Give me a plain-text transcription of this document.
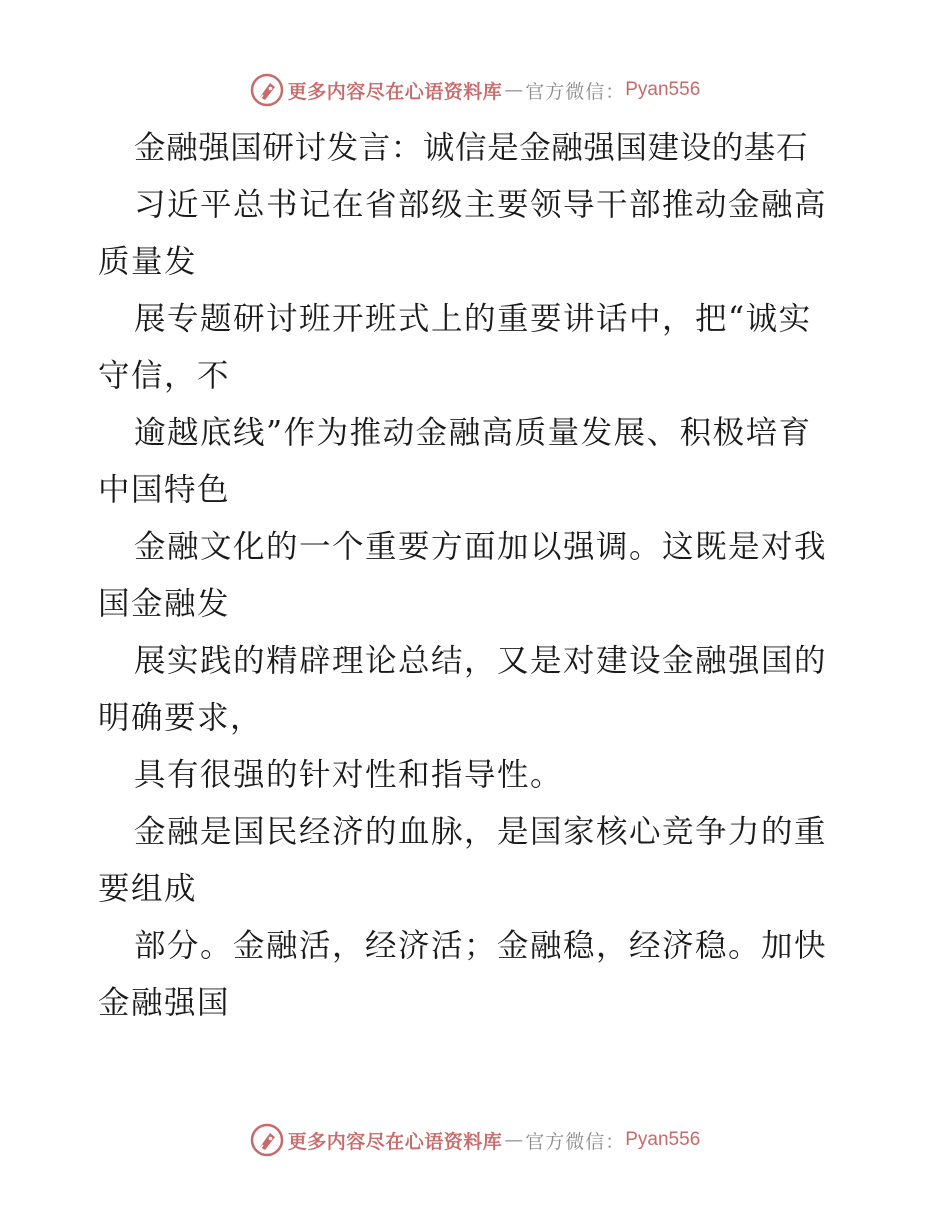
更多内容尽在心语资料库 — 官方微信： Pyan556
金融强国研讨发言：诚信是金融强国建设的基石
习近平总书记在省部级主要领导干部推动金融高
质量发
展专题研讨班开班式上的重要讲话中，把“诚实
守信，不
逾越底线”作为推动金融高质量发展、积极培育
中国特色
金融文化的一个重要方面加以强调。这既是对我
国金融发
展实践的精辟理论总结，又是对建设金融强国的
明确要求，
具有很强的针对性和指导性。
金融是国民经济的血脉，是国家核心竞争力的重
要组成
部分。金融活，经济活；金融稳，经济稳。加快
金融强国
更多内容尽在心语资料库 — 官方微信： Pyan556
